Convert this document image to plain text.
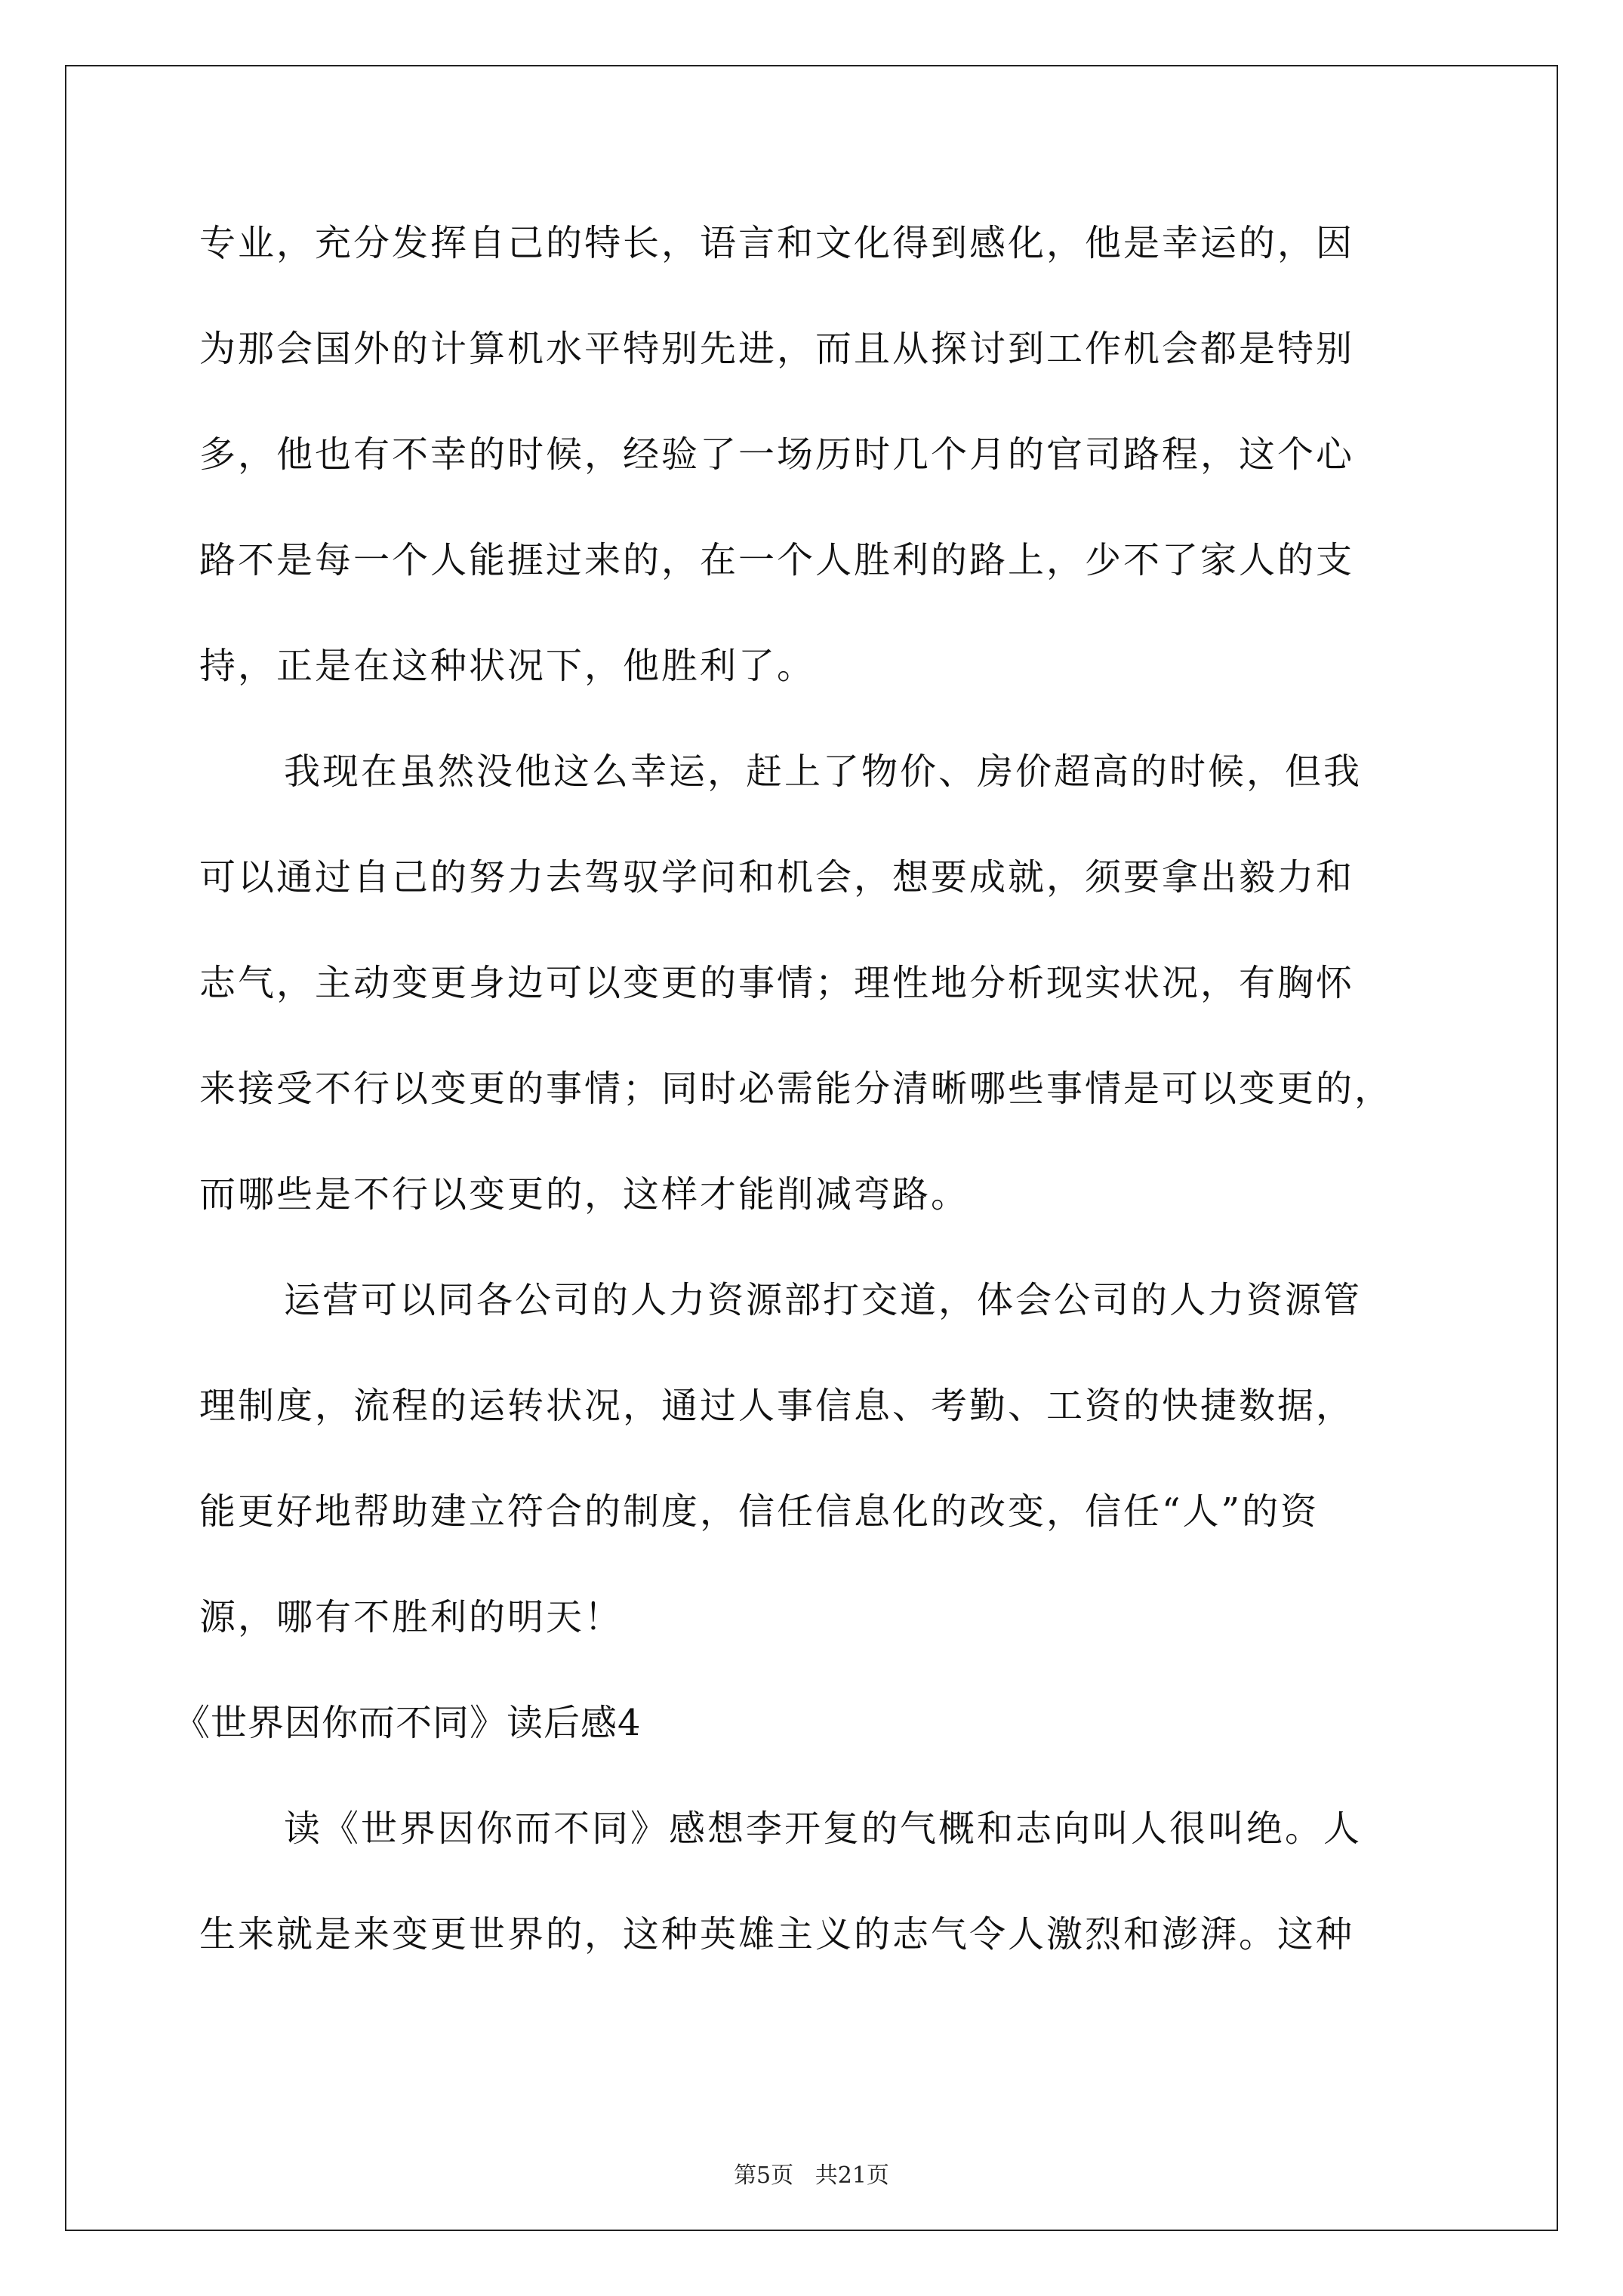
专业，充分发挥自己的特长，语言和文化得到感化，他是幸运的，因
为那会国外的计算机水平特别先进，而且从探讨到工作机会都是特别
多，他也有不幸的时候，经验了一场历时几个月的官司路程，这个心
路不是每一个人能捱过来的，在一个人胜利的路上，少不了家人的支
持，正是在这种状况下，他胜利了。
我现在虽然没他这么幸运，赶上了物价、房价超高的时候，但我
可以通过自己的努力去驾驭学问和机会，想要成就，须要拿出毅力和
志气，主动变更身边可以变更的事情；理性地分析现实状况，有胸怀
来接受不行以变更的事情；同时必需能分清晰哪些事情是可以变更的，
而哪些是不行以变更的，这样才能削减弯路。
运营可以同各公司的人力资源部打交道，体会公司的人力资源管
理制度，流程的运转状况，通过人事信息、考勤、工资的快捷数据，
能更好地帮助建立符合的制度，信任信息化的改变，信任“人”的资
源，哪有不胜利的明天！
《世界因你而不同》读后感4
读《世界因你而不同》感想李开复的气概和志向叫人很叫绝。人
生来就是来变更世界的，这种英雄主义的志气令人激烈和澎湃。这种
第5页   共21页
